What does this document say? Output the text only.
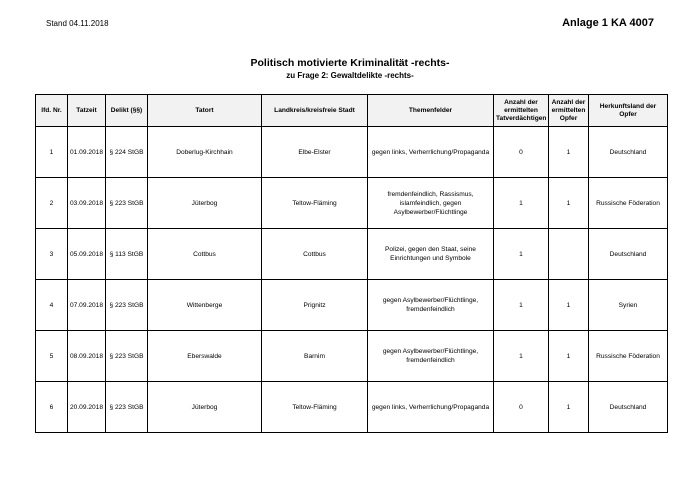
Stand 04.11.2018	Anlage 1 KA 4007
Politisch motivierte Kriminalität -rechts-
zu Frage 2: Gewaltdelikte -rechts-
lfd. Nr.	Tatzeit	Delikt (§§)	Tatort	Landkreis/kreisfreie Stadt	Themenfelder	Anzahl der ermittelten Tatverdächtigen	Anzahl der ermittelten Opfer	Herkunftsland der Opfer
1	01.09.2018	§ 224 StGB	Doberlug-Kirchhain	Elbe-Elster	gegen links, Verherrlichung/Propaganda	0	1	Deutschland
2	03.09.2018	§ 223 StGB	Jüterbog	Teltow-Fläming	fremdenfeindlich, Rassismus, islamfeindlich, gegen Asylbewerber/Flüchtlinge	1	1	Russische Föderation
3	05.09.2018	§ 113 StGB	Cottbus	Cottbus	Polizei, gegen den Staat, seine Einrichtungen und Symbole	1		Deutschland
4	07.09.2018	§ 223 StGB	Wittenberge	Prignitz	gegen Asylbewerber/Flüchtlinge, fremdenfeindlich	1	1	Syrien
5	08.09.2018	§ 223 StGB	Eberswalde	Barnim	gegen Asylbewerber/Flüchtlinge, fremdenfeindlich	1	1	Russische Föderation
6	20.09.2018	§ 223 StGB	Jüterbog	Teltow-Fläming	gegen links, Verherrlichung/Propaganda	0	1	Deutschland
